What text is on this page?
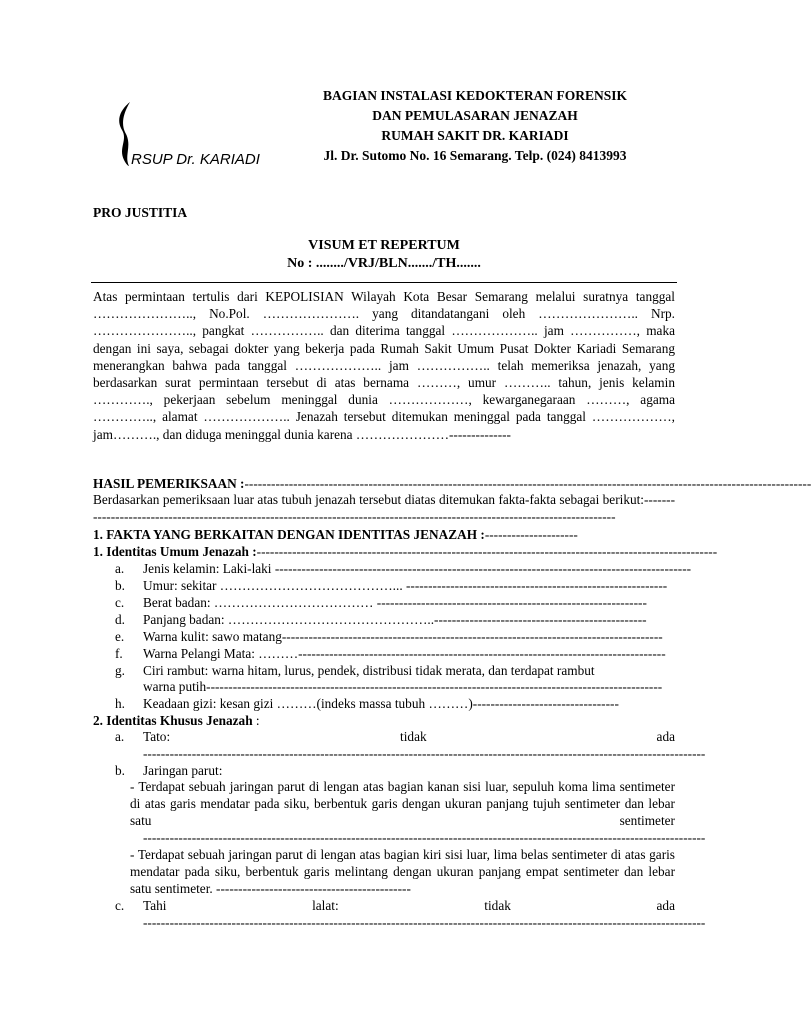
RSUP Dr. KARIADI
BAGIAN INSTALASI KEDOKTERAN FORENSIK
DAN PEMULASARAN JENAZAH
RUMAH SAKIT DR. KARIADI
Jl. Dr. Sutomo No. 16 Semarang. Telp. (024) 8413993
PRO JUSTITIA
VISUM ET REPERTUM
No : ......../VRJ/BLN......./TH.......
Atas permintaan tertulis dari KEPOLISIAN Wilayah Kota Besar Semarang melalui suratnya tanggal ………………….., No.Pol. …………………. yang ditandatangani oleh ………………….. Nrp. ………………….., pangkat …………….. dan diterima tanggal ……………….. jam ……………, maka dengan ini saya, sebagai dokter yang bekerja pada Rumah Sakit Umum Pusat Dokter Kariadi Semarang menerangkan bahwa pada tanggal ……………….. jam …………….. telah memeriksa jenazah, yang berdasarkan surat permintaan tersebut di atas bernama ………, umur ……….. tahun, jenis kelamin …………., pekerjaan sebelum meninggal dunia ………………, kewarganegaraan ………, agama ………….., alamat ……………….. Jenazah tersebut ditemukan meninggal pada tanggal ………………, jam………., dan diduga meninggal dunia karena …………………--------------
HASIL PEMERIKSAAN :--------------------------------------------------------------------------------------------------------------------------------
Berdasarkan pemeriksaan luar atas tubuh jenazah tersebut diatas ditemukan fakta-fakta sebagai berikut:-----------------------------------------------------------------------------------------------------------------------------
1. FAKTA YANG BERKAITAN DENGAN IDENTITAS JENAZAH :---------------------
1. Identitas Umum Jenazah :--------------------------------------------------------------------------------------------------------
a. Jenis kelamin: Laki-laki ----------------------------------------------------------------------------------------------
b. Umur: sekitar …………………………………... -----------------------------------------------------------
c. Berat badan: ……………………………… -------------------------------------------------------------
d. Panjang badan: ………………………………………..------------------------------------------------
e. Warna kulit: sawo matang--------------------------------------------------------------------------------------
f. Warna Pelangi Mata: ………-----------------------------------------------------------------------------------
g. Ciri rambut: warna hitam, lurus, pendek, distribusi tidak merata, dan terdapat rambut
warna putih-------------------------------------------------------------------------------------------------------
h. Keadaan gizi: kesan gizi ………(indeks massa tubuh ………)---------------------------------
2. Identitas Khusus Jenazah :
a. Tato:	tidak	ada
-------------------------------------------------------------------------------------------------------------------------------
b. Jaringan parut:
- Terdapat sebuah jaringan parut di lengan atas bagian kanan sisi luar, sepuluh koma lima sentimeter di atas garis mendatar pada siku, berbentuk garis dengan ukuran panjang tujuh sentimeter dan lebar satu sentimeter
-------------------------------------------------------------------------------------------------------------------------------
- Terdapat sebuah jaringan parut di lengan atas bagian kiri sisi luar, lima belas sentimeter di atas garis mendatar pada siku, berbentuk garis melintang dengan ukuran panjang empat sentimeter dan lebar satu sentimeter. --------------------------------------------
c. Tahi	lalat:	tidak	ada
-------------------------------------------------------------------------------------------------------------------------------
